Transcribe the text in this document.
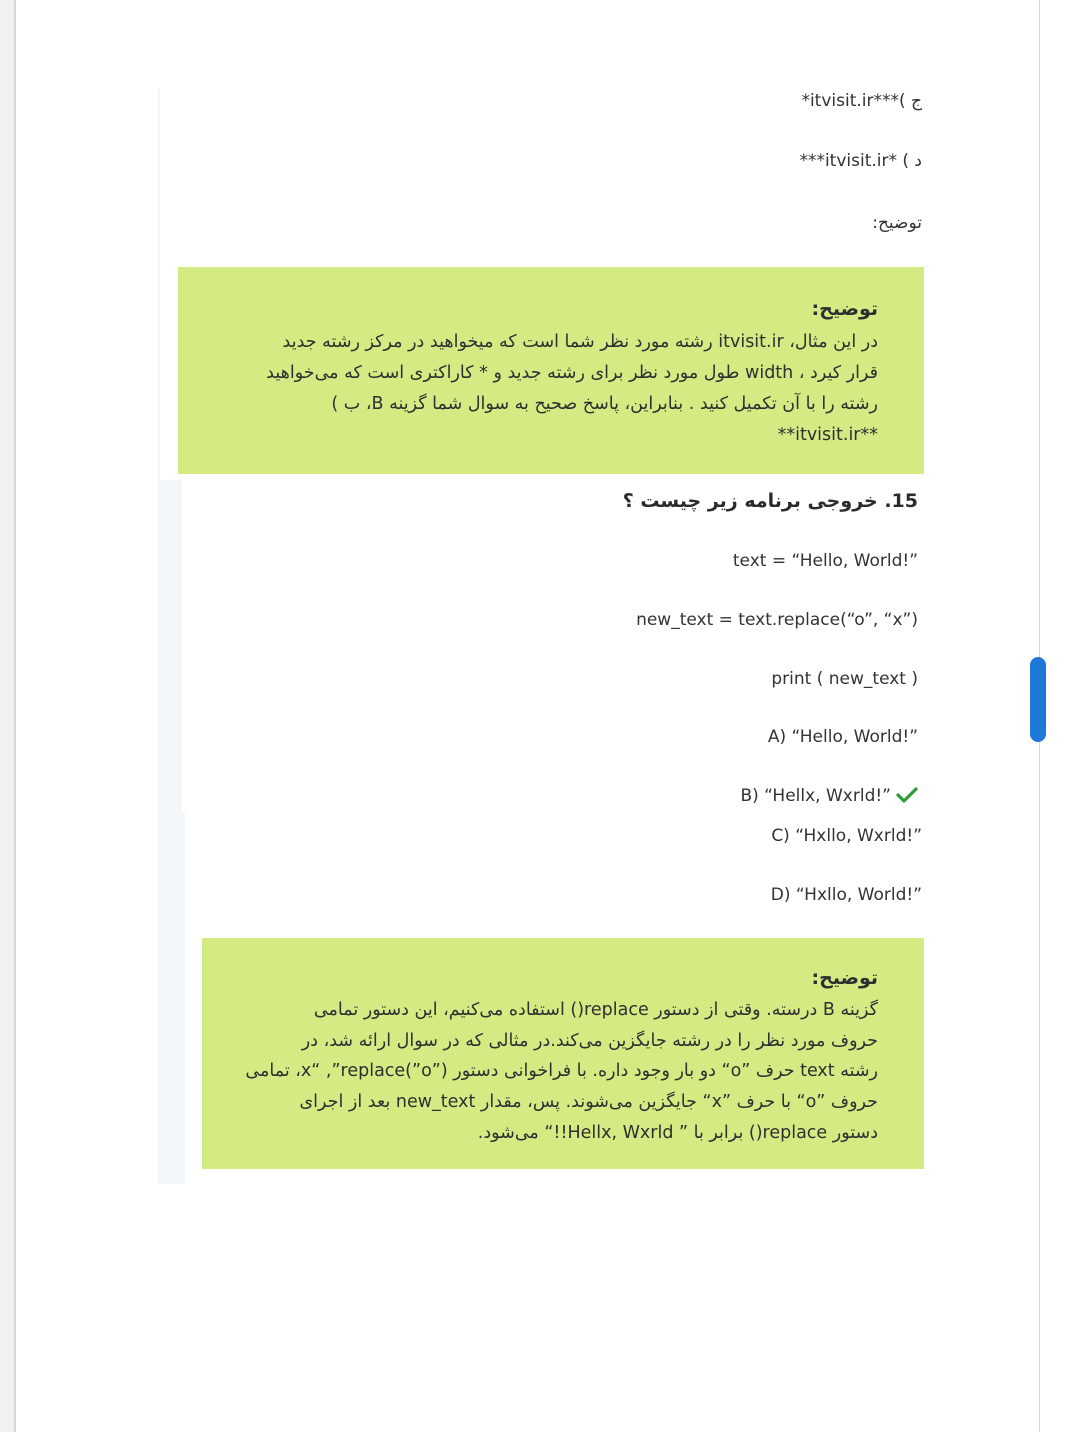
ج )***itvisit.ir*
د ) *itvisit.ir***
توضیح:
توضیح:
در این مثال، itvisit.ir رشته مورد نظر شما است که میخواهید در مرکز رشته جدید
قرار کیرد ، width طول مورد نظر برای رشته جدید و * کاراکتری است که می‌خواهید
رشته را با آن تکمیل کنید . بنابراین، پاسخ صحیح به سوال شما گزینه B، ب )
**itvisit.ir**
15. خروجی برنامه زیر چیست ؟
text = “Hello, World!”
new_text = text.replace(“o”, “x”)
print ( new_text )
A) “Hello, World!”
B) “Hellx, Wxrld!”
C) “Hxllo, Wxrld!”
D) “Hxllo, World!”
توضیح:
گزینه B درسته. وقتی از دستور replace() استفاده می‌کنیم، این دستور تمامی
حروف مورد نظر را در رشته جایگزین می‌کند.در مثالی که در سوال ارائه شد، در
رشته text حرف ”o“ دو بار وجود داره. با فراخوانی دستور (”x“ ,”replace(”o، تمامی
حروف ”o“ با حرف ”x“ جایگزین می‌شوند. پس، مقدار new_text بعد از اجرای
دستور replace() برابر با ” Hellx, Wxrld!!“ می‌شود.
